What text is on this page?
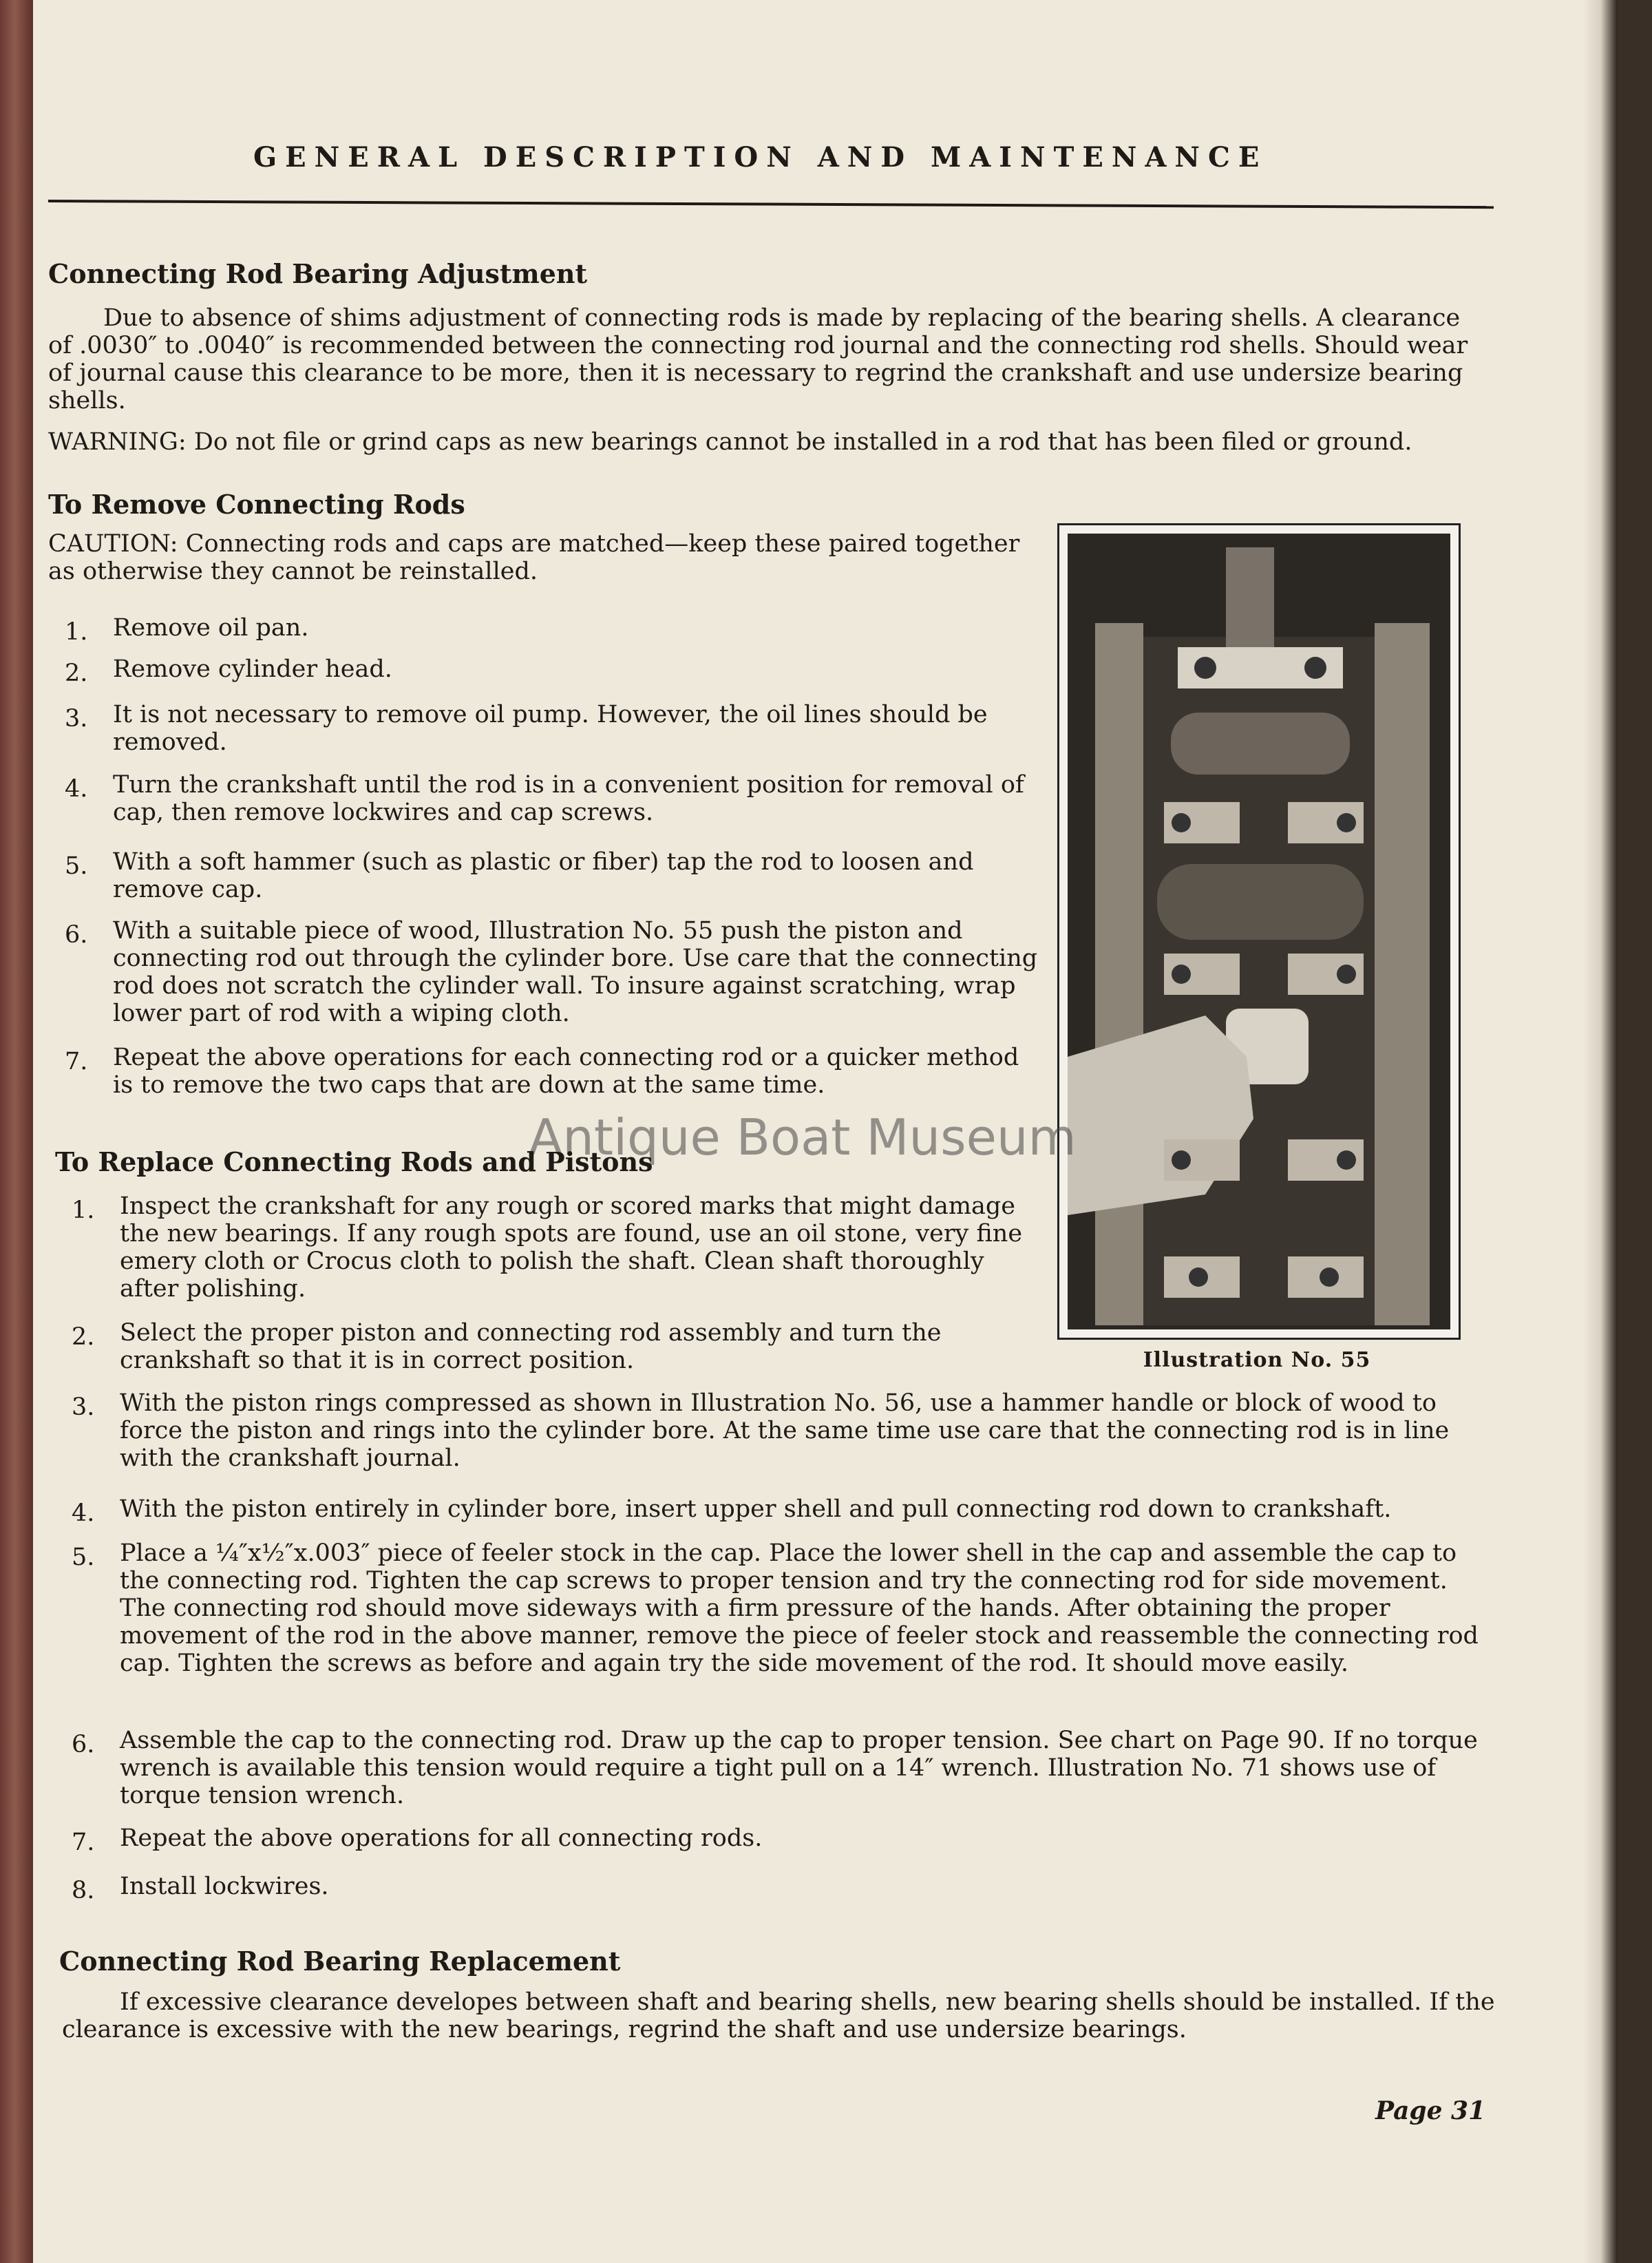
GENERAL DESCRIPTION AND MAINTENANCE
Connecting Rod Bearing Adjustment
Due to absence of shims adjustment of connecting rods is made by replacing of the bearing shells. A clearance of .0030″ to .0040″ is recommended between the connecting rod journal and the connecting rod shells. Should wear of journal cause this clearance to be more, then it is necessary to regrind the crankshaft and use undersize bearing shells.
WARNING: Do not file or grind caps as new bearings cannot be installed in a rod that has been filed or ground.
To Remove Connecting Rods
CAUTION: Connecting rods and caps are matched—keep these paired together as otherwise they cannot be reinstalled.
1.	Remove oil pan.
2.	Remove cylinder head.
3.	It is not necessary to remove oil pump. However, the oil lines should be removed.
4.	Turn the crankshaft until the rod is in a convenient position for removal of cap, then remove lockwires and cap screws.
5.	With a soft hammer (such as plastic or fiber) tap the rod to loosen and remove cap.
6.	With a suitable piece of wood, Illustration No. 55 push the piston and connecting rod out through the cylinder bore. Use care that the connecting rod does not scratch the cylinder wall. To insure against scratching, wrap lower part of rod with a wiping cloth.
7.	Repeat the above operations for each connecting rod or a quicker method is to remove the two caps that are down at the same time.
Illustration No. 55
Antique Boat Museum
To Replace Connecting Rods and Pistons
1.	Inspect the crankshaft for any rough or scored marks that might damage the new bearings. If any rough spots are found, use an oil stone, very fine emery cloth or Crocus cloth to polish the shaft. Clean shaft thoroughly after polishing.
2.	Select the proper piston and connecting rod assembly and turn the crankshaft so that it is in correct position.
3.	With the piston rings compressed as shown in Illustration No. 56, use a hammer handle or block of wood to force the piston and rings into the cylinder bore. At the same time use care that the connecting rod is in line with the crankshaft journal.
4.	With the piston entirely in cylinder bore, insert upper shell and pull connecting rod down to crankshaft.
5.	Place a ¼″x½″x.003″ piece of feeler stock in the cap. Place the lower shell in the cap and assemble the cap to the connecting rod. Tighten the cap screws to proper tension and try the connecting rod for side movement. The connecting rod should move sideways with a firm pressure of the hands. After obtaining the proper movement of the rod in the above manner, remove the piece of feeler stock and reassemble the connecting rod cap. Tighten the screws as before and again try the side movement of the rod. It should move easily.
6.	Assemble the cap to the connecting rod. Draw up the cap to proper tension. See chart on Page 90. If no torque wrench is available this tension would require a tight pull on a 14″ wrench. Illustration No. 71 shows use of torque tension wrench.
7.	Repeat the above operations for all connecting rods.
8.	Install lockwires.
Connecting Rod Bearing Replacement
If excessive clearance developes between shaft and bearing shells, new bearing shells should be installed. If the clearance is excessive with the new bearings, regrind the shaft and use undersize bearings.
Page 31
